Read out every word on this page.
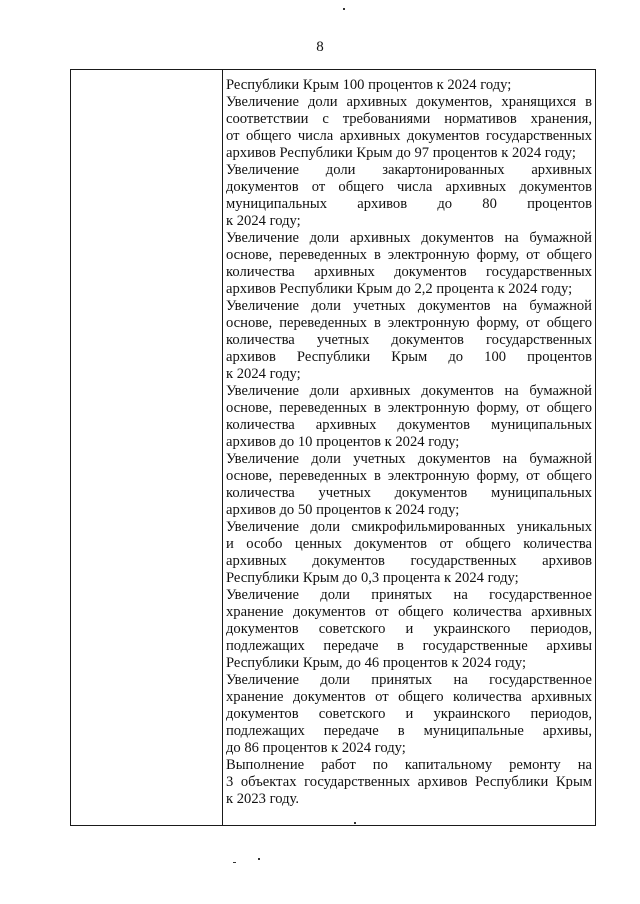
8
Республики Крым 100 процентов к 2024 году;
Увеличение доли архивных документов, хранящихся в
соответствии с требованиями нормативов хранения,
от общего числа архивных документов государственных
архивов Республики Крым до 97 процентов к 2024 году;
Увеличение доли закартонированных архивных
документов от общего числа архивных документов
муниципальных архивов до 80 процентов
к 2024 году;
Увеличение доли архивных документов на бумажной
основе, переведенных в электронную форму, от общего
количества архивных документов государственных
архивов Республики Крым до 2,2 процента к 2024 году;
Увеличение доли учетных документов на бумажной
основе, переведенных в электронную форму, от общего
количества учетных документов государственных
архивов Республики Крым до 100 процентов
к 2024 году;
Увеличение доли архивных документов на бумажной
основе, переведенных в электронную форму, от общего
количества архивных документов муниципальных
архивов до 10 процентов к 2024 году;
Увеличение доли учетных документов на бумажной
основе, переведенных в электронную форму, от общего
количества учетных документов муниципальных
архивов до 50 процентов к 2024 году;
Увеличение доли смикрофильмированных уникальных
и особо ценных документов от общего количества
архивных документов государственных архивов
Республики Крым до 0,3 процента к 2024 году;
Увеличение доли принятых на государственное
хранение документов от общего количества архивных
документов советского и украинского периодов,
подлежащих передаче в государственные архивы
Республики Крым, до 46 процентов к 2024 году;
Увеличение доли принятых на государственное
хранение документов от общего количества архивных
документов советского и украинского периодов,
подлежащих передаче в муниципальные архивы,
до 86 процентов к 2024 году;
Выполнение работ по капитальному ремонту на
3 объектах государственных архивов Республики Крым
к 2023 году.
